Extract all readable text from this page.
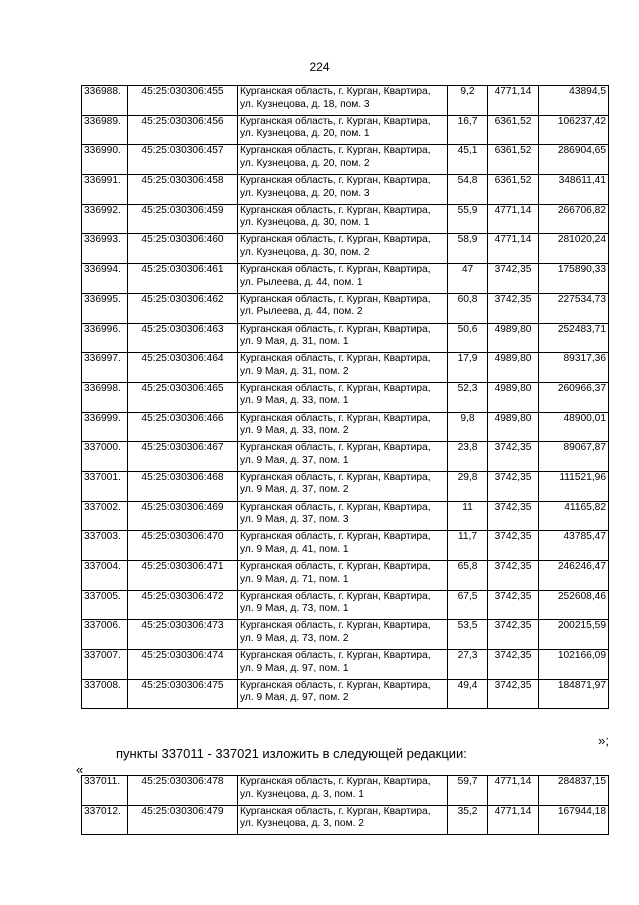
224
336988.	45:25:030306:455	Курганская область, г. Курган, Квартира,
ул. Кузнецова, д. 18, пом. 3	9,2	4771,14	43894,5
336989.	45:25:030306:456	Курганская область, г. Курган, Квартира,
ул. Кузнецова, д. 20, пом. 1	16,7	6361,52	106237,42
336990.	45:25:030306:457	Курганская область, г. Курган, Квартира,
ул. Кузнецова, д. 20, пом. 2	45,1	6361,52	286904,65
336991.	45:25:030306:458	Курганская область, г. Курган, Квартира,
ул. Кузнецова, д. 20, пом. 3	54,8	6361,52	348611,41
336992.	45:25:030306:459	Курганская область, г. Курган, Квартира,
ул. Кузнецова, д. 30, пом. 1	55,9	4771,14	266706,82
336993.	45:25:030306:460	Курганская область, г. Курган, Квартира,
ул. Кузнецова, д. 30, пом. 2	58,9	4771,14	281020,24
336994.	45:25:030306:461	Курганская область, г. Курган, Квартира,
ул. Рылеева, д. 44, пом. 1	47	3742,35	175890,33
336995.	45:25:030306:462	Курганская область, г. Курган, Квартира,
ул. Рылеева, д. 44, пом. 2	60,8	3742,35	227534,73
336996.	45:25:030306:463	Курганская область, г. Курган, Квартира,
ул. 9 Мая, д. 31, пом. 1	50,6	4989,80	252483,71
336997.	45:25:030306:464	Курганская область, г. Курган, Квартира,
ул. 9 Мая, д. 31, пом. 2	17,9	4989,80	89317,36
336998.	45:25:030306:465	Курганская область, г. Курган, Квартира,
ул. 9 Мая, д. 33, пом. 1	52,3	4989,80	260966,37
336999.	45:25:030306:466	Курганская область, г. Курган, Квартира,
ул. 9 Мая, д. 33, пом. 2	9,8	4989,80	48900,01
337000.	45:25:030306:467	Курганская область, г. Курган, Квартира,
ул. 9 Мая, д. 37, пом. 1	23,8	3742,35	89067,87
337001.	45:25:030306:468	Курганская область, г. Курган, Квартира,
ул. 9 Мая, д. 37, пом. 2	29,8	3742,35	111521,96
337002.	45:25:030306:469	Курганская область, г. Курган, Квартира,
ул. 9 Мая, д. 37, пом. 3	11	3742,35	41165,82
337003.	45:25:030306:470	Курганская область, г. Курган, Квартира,
ул. 9 Мая, д. 41, пом. 1	11,7	3742,35	43785,47
337004.	45:25:030306:471	Курганская область, г. Курган, Квартира,
ул. 9 Мая, д. 71, пом. 1	65,8	3742,35	246246,47
337005.	45:25:030306:472	Курганская область, г. Курган, Квартира,
ул. 9 Мая, д. 73, пом. 1	67,5	3742,35	252608,46
337006.	45:25:030306:473	Курганская область, г. Курган, Квартира,
ул. 9 Мая, д. 73, пом. 2	53,5	3742,35	200215,59
337007.	45:25:030306:474	Курганская область, г. Курган, Квартира,
ул. 9 Мая, д. 97, пом. 1	27,3	3742,35	102166,09
337008.	45:25:030306:475	Курганская область, г. Курган, Квартира,
ул. 9 Мая, д. 97, пом. 2	49,4	3742,35	184871,97
»;
пункты 337011 - 337021 изложить в следующей редакции:
«
337011.	45:25:030306:478	Курганская область, г. Курган, Квартира,
ул. Кузнецова, д. 3, пом. 1	59,7	4771,14	284837,15
337012.	45:25:030306:479	Курганская область, г. Курган, Квартира,
ул. Кузнецова, д. 3, пом. 2	35,2	4771,14	167944,18
